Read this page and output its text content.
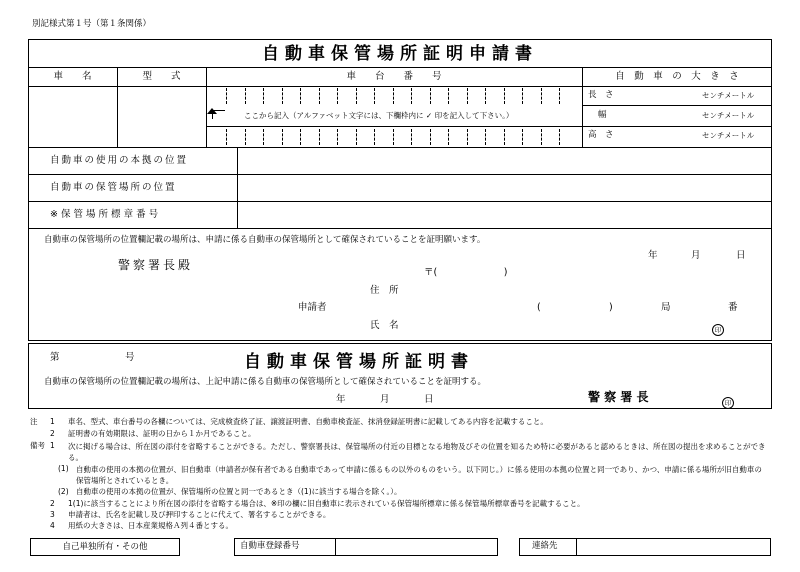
別記様式第１号（第１条関係）
自動車保管場所証明申請書
車　　名	型　　式	車　　台　　番　　号	自　動　車　の　大　き　さ
ここから記入（アルファベット文字には、下欄枠内に ✓ 印を記入して下さい。）
長　さ	センチメートル
幅	センチメートル
高　さ	センチメートル
自動車の使用の本拠の位置
自動車の保管場所の位置
※ 保 管 場 所 標 章 番 号
自動車の保管場所の位置欄記載の場所は、申請に係る自動車の保管場所として確保されていることを証明願います。
年	月	日
警察署長殿
〒(　　　　　　　)
住　所
申請者	(	)	局	番
氏　名	印
第	号	自動車保管場所証明書
自動車の保管場所の位置欄記載の場所は、上記申請に係る自動車の保管場所として確保されていることを証明する。
年	月	日	警 察 署 長	印
注 1 車名、型式、車台番号の各欄については、完成検査終了証、譲渡証明書、自動車検査証、抹消登録証明書に記載してある内容を記載すること。
2 証明書の有効期限は、証明の日から１か月であること。
備考 1 次に掲げる場合は、所在図の添付を省略することができる。ただし、警察署長は、保管場所の付近の目標となる地物及びその位置を知るため特に必要があると認めるときは、所在図の提出を求めることができる。
(1) 自動車の使用の本拠の位置が、旧自動車（申請者が保有者である自動車であって申請に係るもの以外のものをいう。以下同じ。）に係る使用の本拠の位置と同一であり、かつ、申請に係る場所が旧自動車の保管場所とされているとき。
(2) 自動車の使用の本拠の位置が、保管場所の位置と同一であるとき（(1)に該当する場合を除く。）。
2 1(1)に該当することにより所在図の添付を省略する場合は、※印の欄に旧自動車に表示されている保管場所標章に係る保管場所標章番号を記載すること。
3 申請者は、氏名を記載し及び押印することに代えて、署名することができる。
4 用紙の大きさは、日本産業規格Ａ列４番とする。
自己単独所有・その他	自動車登録番号	連絡先
